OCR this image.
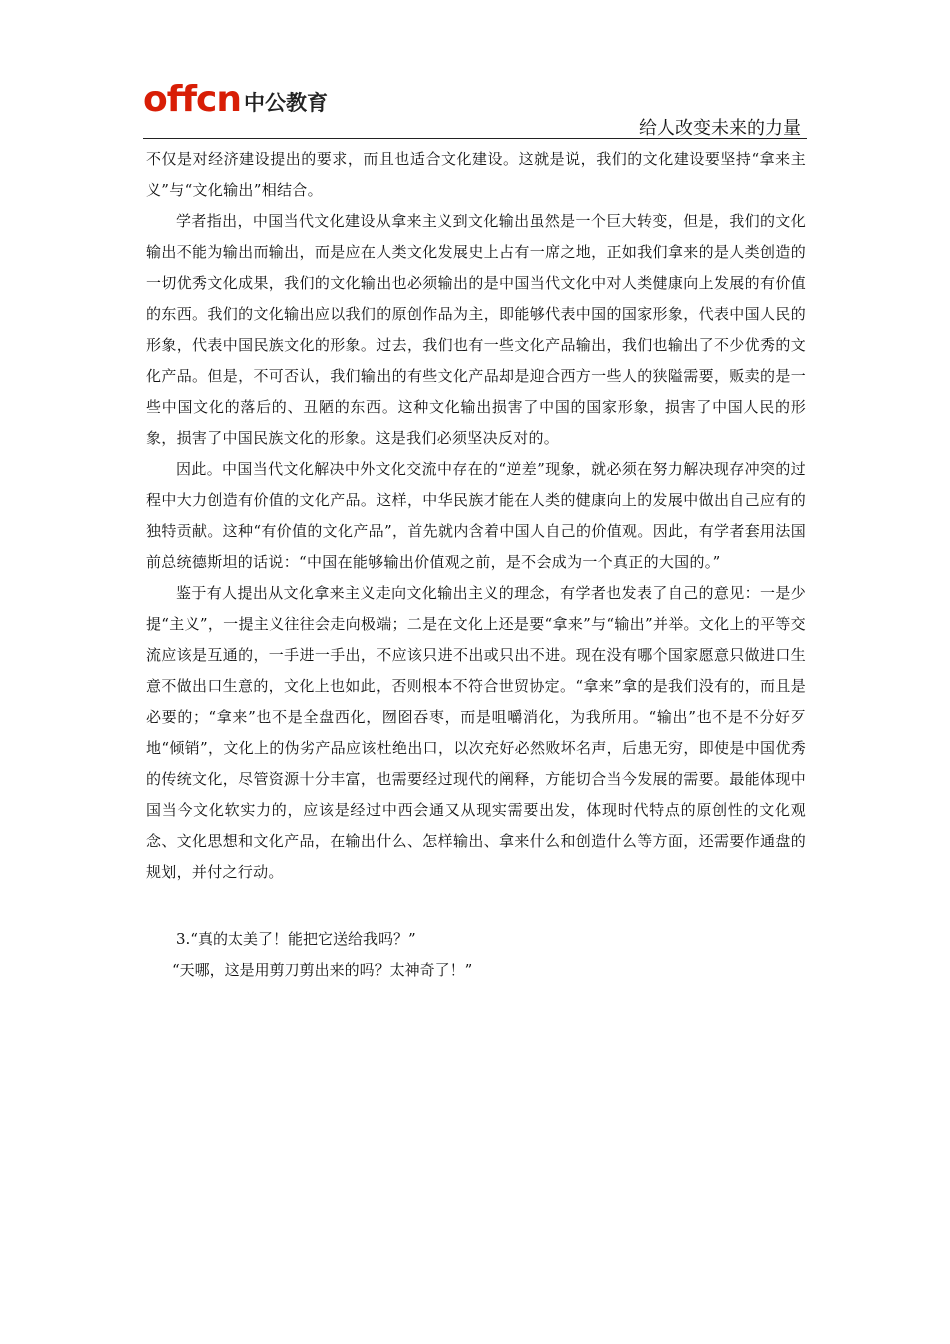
offcn 中公教育
给人改变未来的力量

不仅是对经济建设提出的要求，而且也适合文化建设。这就是说，我们的文化建设要坚持“拿来主义”与“文化输出”相结合。

学者指出，中国当代文化建设从拿来主义到文化输出虽然是一个巨大转变，但是，我们的文化输出不能为输出而输出，而是应在人类文化发展史上占有一席之地，正如我们拿来的是人类创造的一切优秀文化成果，我们的文化输出也必须输出的是中国当代文化中对人类健康向上发展的有价值的东西。我们的文化输出应以我们的原创作品为主，即能够代表中国的国家形象，代表中国人民的形象，代表中国民族文化的形象。过去，我们也有一些文化产品输出，我们也输出了不少优秀的文化产品。但是，不可否认，我们输出的有些文化产品却是迎合西方一些人的狭隘需要，贩卖的是一些中国文化的落后的、丑陋的东西。这种文化输出损害了中国的国家形象，损害了中国人民的形象，损害了中国民族文化的形象。这是我们必须坚决反对的。

因此。中国当代文化解决中外文化交流中存在的“逆差”现象，就必须在努力解决现存冲突的过程中大力创造有价值的文化产品。这样，中华民族才能在人类的健康向上的发展中做出自己应有的独特贡献。这种“有价值的文化产品”，首先就内含着中国人自己的价值观。因此，有学者套用法国前总统德斯坦的话说：“中国在能够输出价值观之前，是不会成为一个真正的大国的。”

鉴于有人提出从文化拿来主义走向文化输出主义的理念，有学者也发表了自己的意见：一是少提“主义”，一提主义往往会走向极端；二是在文化上还是要“拿来”与“输出”并举。文化上的平等交流应该是互通的，一手进一手出，不应该只进不出或只出不进。现在没有哪个国家愿意只做进口生意不做出口生意的，文化上也如此，否则根本不符合世贸协定。“拿来”拿的是我们没有的，而且是必要的；“拿来”也不是全盘西化，囫囵吞枣，而是咀嚼消化，为我所用。“输出”也不是不分好歹地“倾销”，文化上的伪劣产品应该杜绝出口，以次充好必然败坏名声，后患无穷，即使是中国优秀的传统文化，尽管资源十分丰富，也需要经过现代的阐释，方能切合当今发展的需要。最能体现中国当今文化软实力的，应该是经过中西会通又从现实需要出发，体现时代特点的原创性的文化观念、文化思想和文化产品，在输出什么、怎样输出、拿来什么和创造什么等方面，还需要作通盘的规划，并付之行动。

3.“真的太美了！能把它送给我吗？”

“天哪，这是用剪刀剪出来的吗？太神奇了！”
